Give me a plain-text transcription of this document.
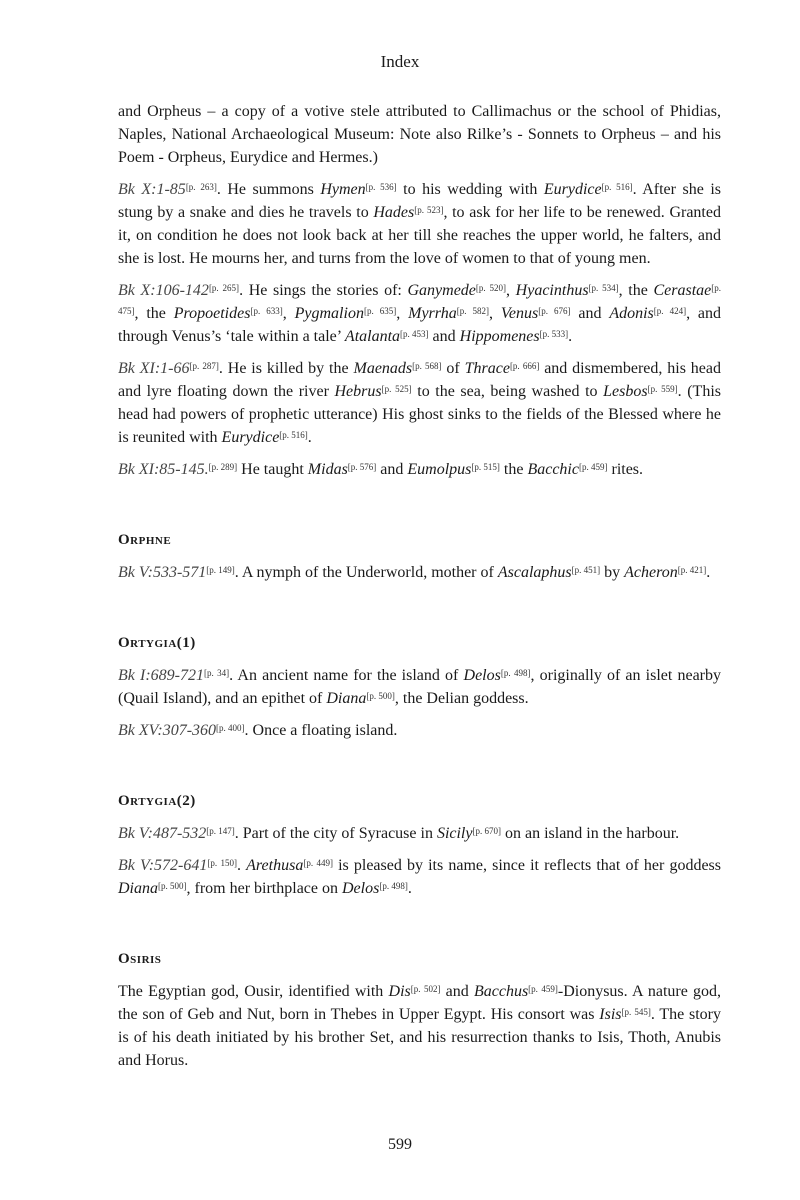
Index

and Orpheus – a copy of a votive stele attributed to Callimachus or the school of Phidias, Naples, National Archaeological Museum: Note also Rilke’s - Sonnets to Orpheus – and his Poem - Orpheus, Eurydice and Hermes.)

Bk X:1-85[p. 263]. He summons Hymen[p. 536] to his wedding with Eurydice[p. 516]. After she is stung by a snake and dies he travels to Hades[p. 523], to ask for her life to be renewed. Granted it, on condition he does not look back at her till she reaches the upper world, he falters, and she is lost. He mourns her, and turns from the love of women to that of young men.

Bk X:106-142[p. 265]. He sings the stories of: Ganymede[p. 520], Hyacinthus[p. 534], the Cerastae[p. 475], the Propoetides[p. 633], Pygmalion[p. 635], Myrrha[p. 582], Venus[p. 676] and Adonis[p. 424], and through Venus’s ‘tale within a tale’ Atalanta[p. 453] and Hippomenes[p. 533].

Bk XI:1-66[p. 287]. He is killed by the Maenads[p. 568] of Thrace[p. 666] and dismembered, his head and lyre floating down the river Hebrus[p. 525] to the sea, being washed to Lesbos[p. 559]. (This head had powers of prophetic utterance) His ghost sinks to the fields of the Blessed where he is reunited with Eurydice[p. 516].

Bk XI:85-145.[p. 289] He taught Midas[p. 576] and Eumolpus[p. 515] the Bacchic[p. 459] rites.

Orphne

Bk V:533-571[p. 149]. A nymph of the Underworld, mother of Ascalaphus[p. 451] by Acheron[p. 421].

Ortygia(1)

Bk I:689-721[p. 34]. An ancient name for the island of Delos[p. 498], originally of an islet nearby (Quail Island), and an epithet of Diana[p. 500], the Delian goddess.

Bk XV:307-360[p. 400]. Once a floating island.

Ortygia(2)

Bk V:487-532[p. 147]. Part of the city of Syracuse in Sicily[p. 670] on an island in the harbour.

Bk V:572-641[p. 150]. Arethusa[p. 449] is pleased by its name, since it reflects that of her goddess Diana[p. 500], from her birthplace on Delos[p. 498].

Osiris

The Egyptian god, Ousir, identified with Dis[p. 502] and Bacchus[p. 459]-Dionysus. A nature god, the son of Geb and Nut, born in Thebes in Upper Egypt. His consort was Isis[p. 545]. The story is of his death initiated by his brother Set, and his resurrection thanks to Isis, Thoth, Anubis and Horus.

599
